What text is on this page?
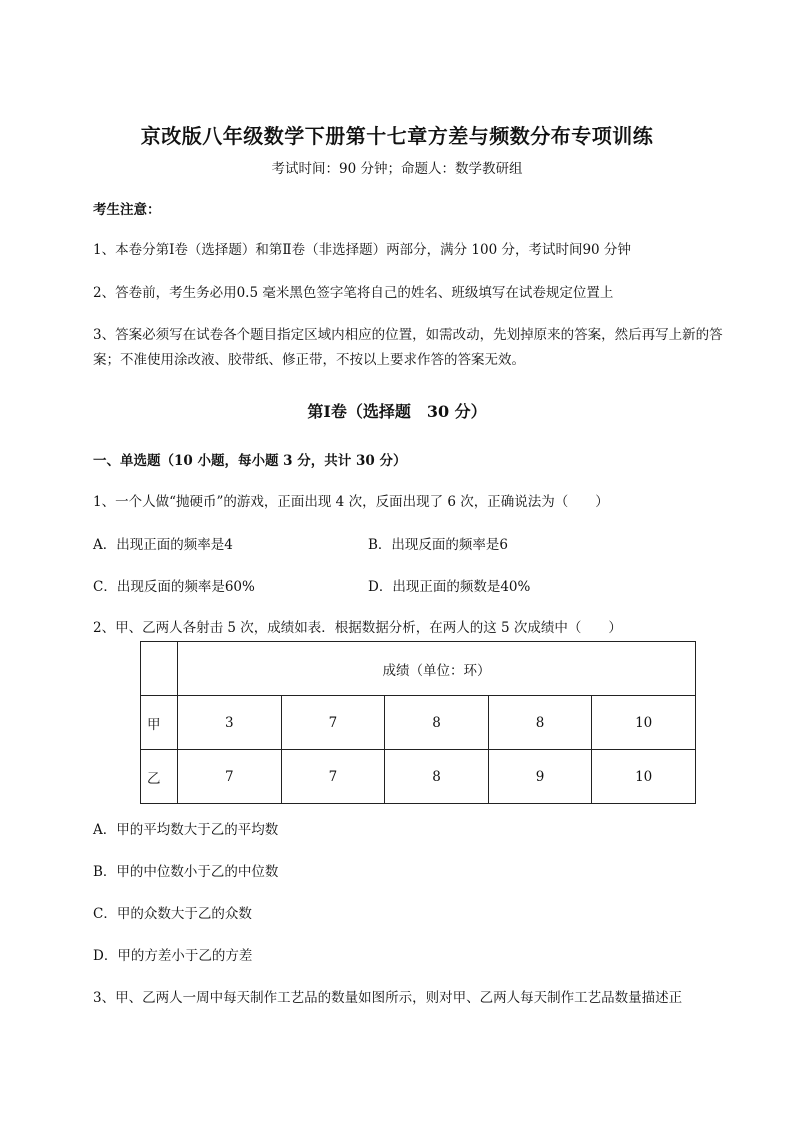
京改版八年级数学下册第十七章方差与频数分布专项训练
考试时间：90 分钟；命题人：数学教研组
考生注意：
1、本卷分第Ⅰ卷（选择题）和第Ⅱ卷（非选择题）两部分，满分 100 分，考试时间90 分钟
2、答卷前，考生务必用0.5 毫米黑色签字笔将自己的姓名、班级填写在试卷规定位置上
3、答案必须写在试卷各个题目指定区域内相应的位置，如需改动，先划掉原来的答案，然后再写上新的答案；不准使用涂改液、胶带纸、修正带，不按以上要求作答的答案无效。
第Ⅰ卷（选择题　30 分）
一、单选题（10 小题，每小题 3 分，共计 30 分）
1、一个人做“抛硬币”的游戏，正面出现 4 次，反面出现了 6 次，正确说法为（　　）
A．出现正面的频率是4	B．出现反面的频率是6
C．出现反面的频率是60%	D．出现正面的频数是40%
2、甲、乙两人各射击 5 次，成绩如表．根据数据分析，在两人的这 5 次成绩中（　　）
	成绩（单位：环）				
甲	3	7	8	8	10
乙	7	7	8	9	10
A．甲的平均数大于乙的平均数
B．甲的中位数小于乙的中位数
C．甲的众数大于乙的众数
D．甲的方差小于乙的方差
3、甲、乙两人一周中每天制作工艺品的数量如图所示，则对甲、乙两人每天制作工艺品数量描述正
